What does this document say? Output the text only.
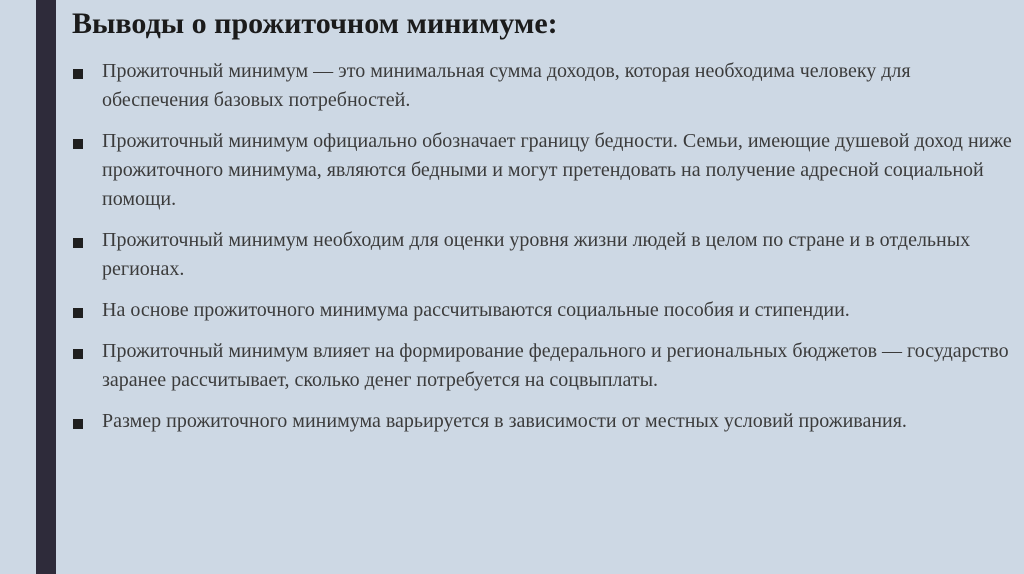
Выводы о прожиточном минимуме:
Прожиточный минимум — это минимальная сумма доходов, которая необходима человеку для обеспечения базовых потребностей.
Прожиточный минимум официально обозначает границу бедности. Семьи, имеющие душевой доход ниже прожиточного минимума, являются бедными и могут претендовать на получение адресной социальной помощи.
Прожиточный минимум необходим для оценки уровня жизни людей в целом по стране и в отдельных регионах.
На основе прожиточного минимума рассчитываются социальные пособия и стипендии.
Прожиточный минимум влияет на формирование федерального и региональных бюджетов — государство заранее рассчитывает, сколько денег потребуется на соцвыплаты.
Размер прожиточного минимума варьируется в зависимости от местных условий проживания.
